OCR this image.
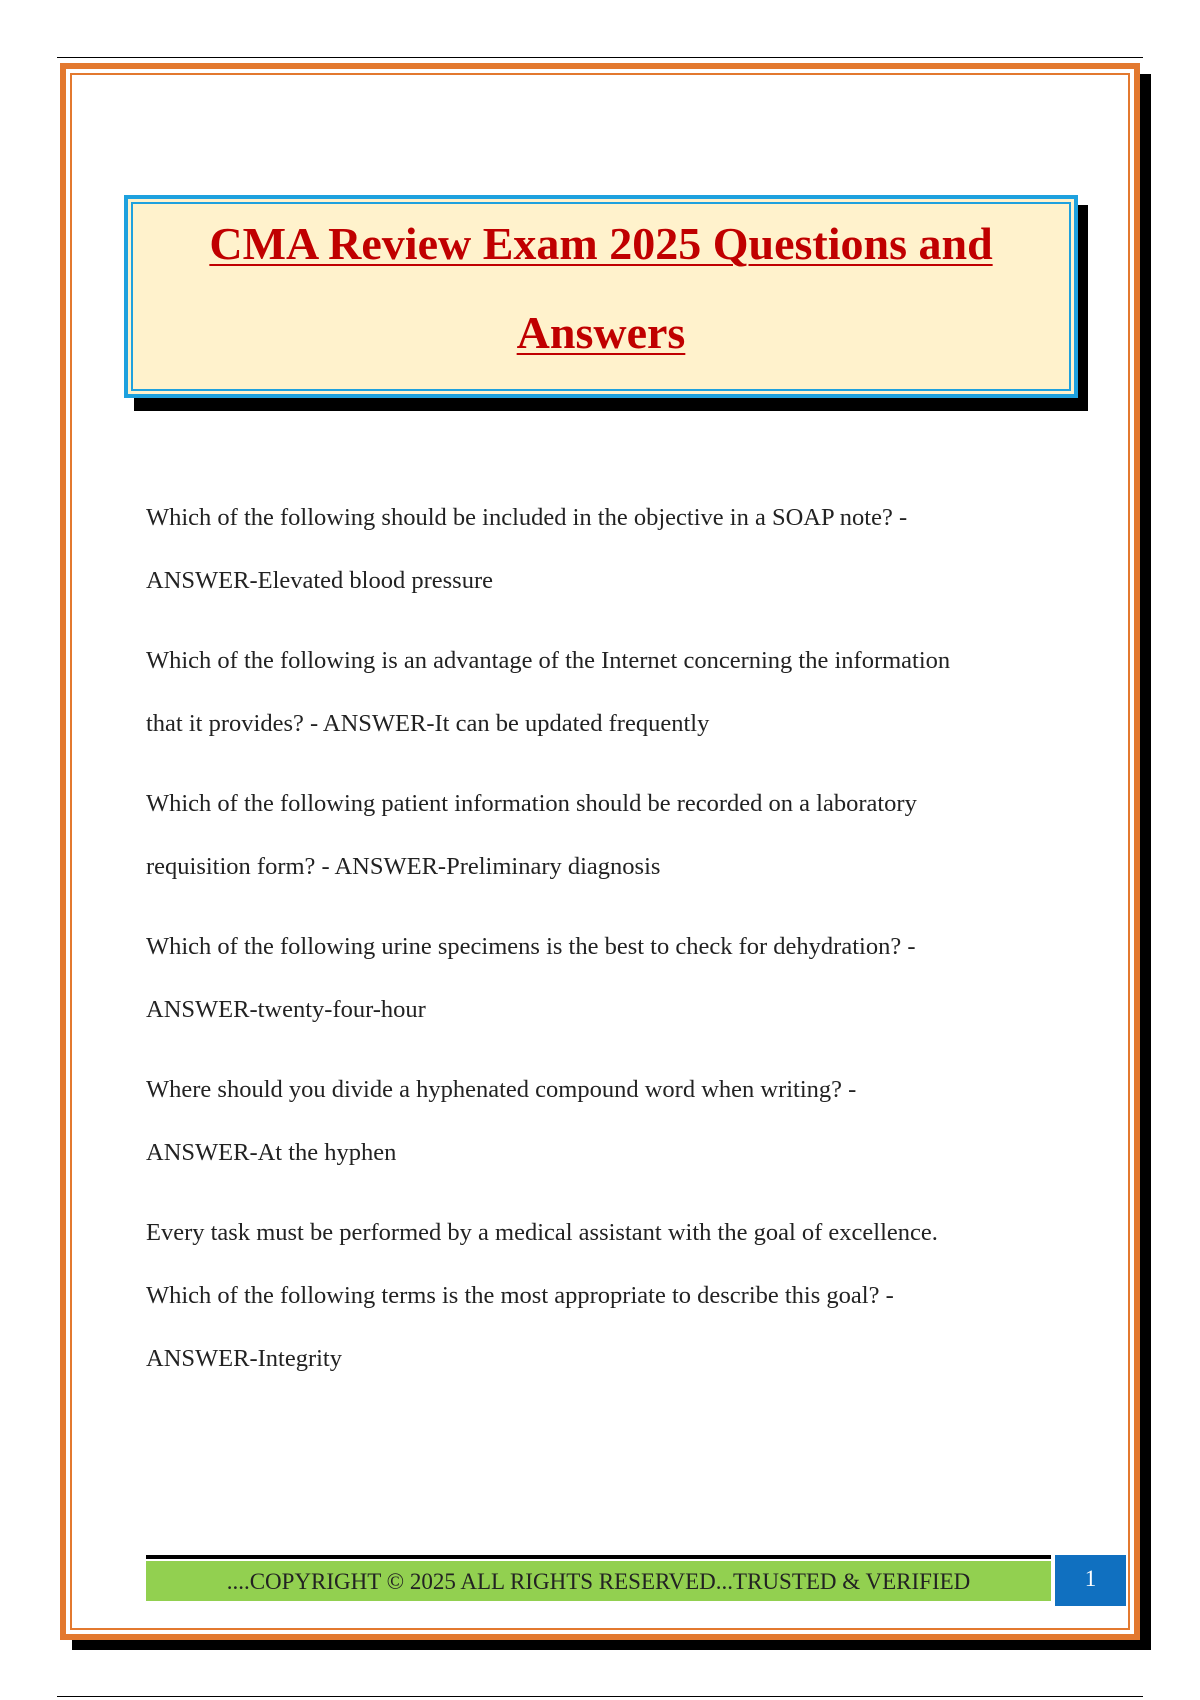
CMA Review Exam 2025 Questions and
Answers
Which of the following should be included in the objective in a SOAP note? -
ANSWER-Elevated blood pressure
Which of the following is an advantage of the Internet concerning the information
that it provides? - ANSWER-It can be updated frequently
Which of the following patient information should be recorded on a laboratory
requisition form? - ANSWER-Preliminary diagnosis
Which of the following urine specimens is the best to check for dehydration? -
ANSWER-twenty-four-hour
Where should you divide a hyphenated compound word when writing? -
ANSWER-At the hyphen
Every task must be performed by a medical assistant with the goal of excellence.
Which of the following terms is the most appropriate to describe this goal? -
ANSWER-Integrity
....COPYRIGHT © 2025 ALL RIGHTS RESERVED...TRUSTED & VERIFIED	1
